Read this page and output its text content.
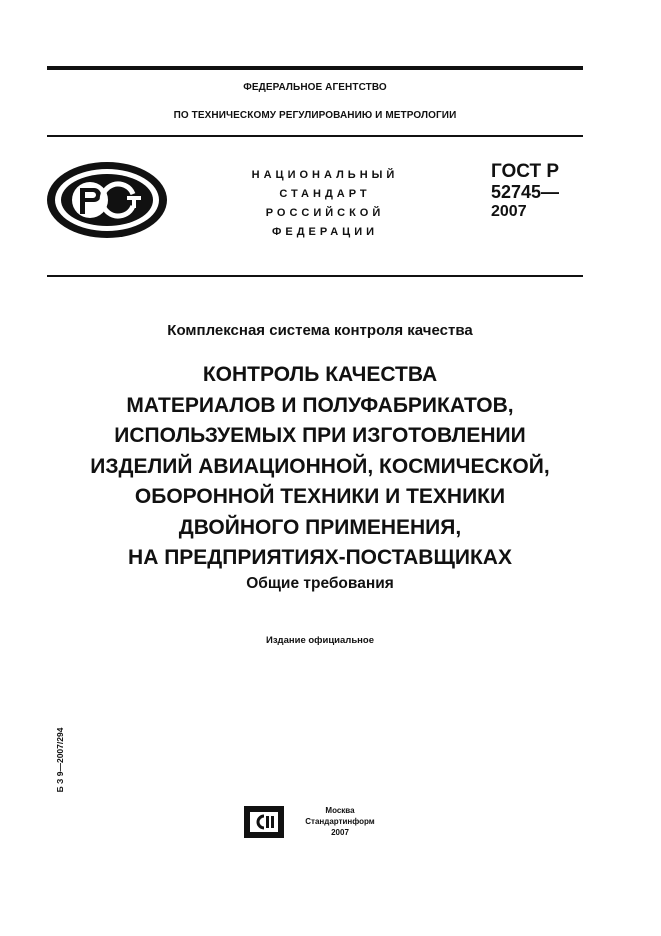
ФЕДЕРАЛЬНОЕ АГЕНТСТВО
ПО ТЕХНИЧЕСКОМУ РЕГУЛИРОВАНИЮ И МЕТРОЛОГИИ
НАЦИОНАЛЬНЫЙ
СТАНДАРТ
РОССИЙСКОЙ
ФЕДЕРАЦИИ
ГОСТ Р
52745—
2007
Комплексная система контроля качества
КОНТРОЛЬ КАЧЕСТВА
МАТЕРИАЛОВ И ПОЛУФАБРИКАТОВ,
ИСПОЛЬЗУЕМЫХ ПРИ ИЗГОТОВЛЕНИИ
ИЗДЕЛИЙ АВИАЦИОННОЙ, КОСМИЧЕСКОЙ,
ОБОРОННОЙ ТЕХНИКИ И ТЕХНИКИ
ДВОЙНОГО ПРИМЕНЕНИЯ,
НА ПРЕДПРИЯТИЯХ-ПОСТАВЩИКАХ
Общие требования
Издание официальное
Б З 9—2007/294
Москва
Стандартинформ
2007
